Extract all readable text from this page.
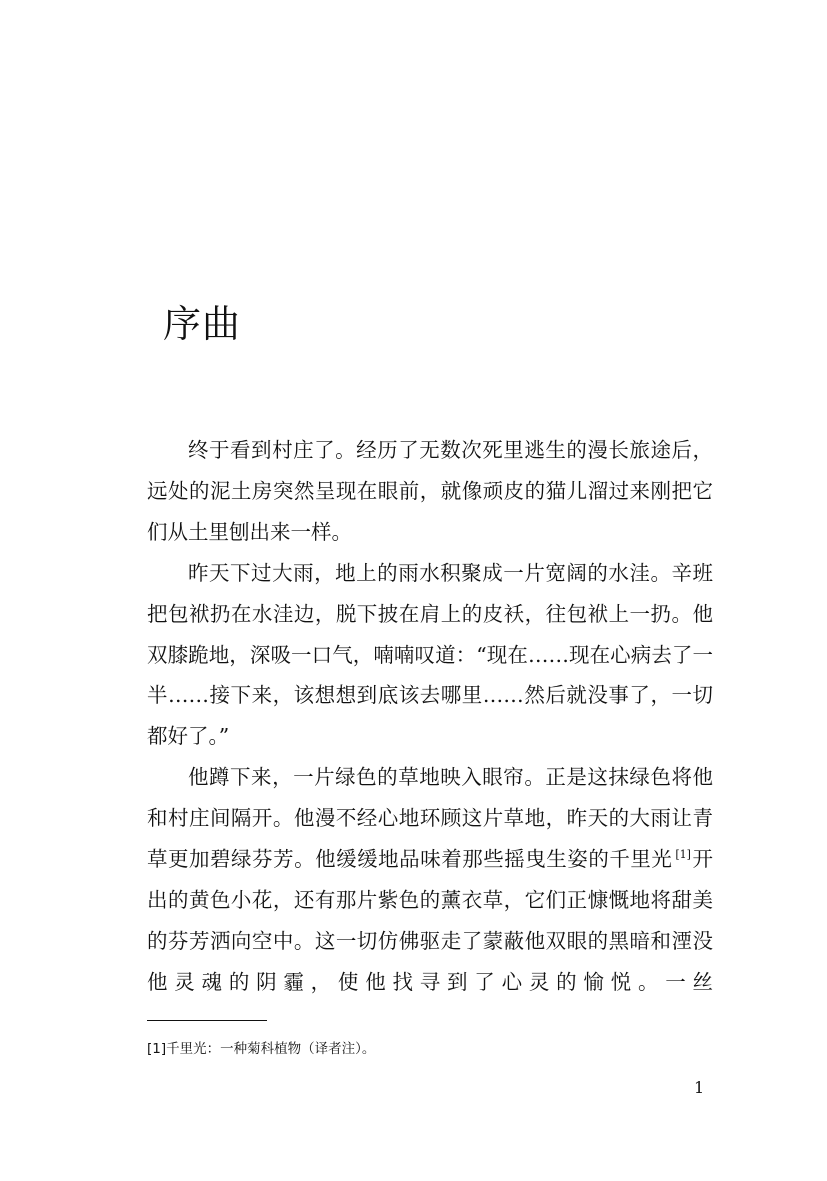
序曲

终于看到村庄了。经历了无数次死里逃生的漫长旅途后，远处的泥土房突然呈现在眼前，就像顽皮的猫儿溜过来刚把它们从土里刨出来一样。

昨天下过大雨，地上的雨水积聚成一片宽阔的水洼。辛班把包袱扔在水洼边，脱下披在肩上的皮袄，往包袱上一扔。他双膝跪地，深吸一口气，喃喃叹道：“现在……现在心病去了一半……接下来，该想想到底该去哪里……然后就没事了，一切都好了。”

他蹲下来，一片绿色的草地映入眼帘。正是这抹绿色将他和村庄间隔开。他漫不经心地环顾这片草地，昨天的大雨让青草更加碧绿芬芳。他缓缓地品味着那些摇曳生姿的千里光 [1]开出的黄色小花，还有那片紫色的薰衣草，它们正慷慨地将甜美的芬芳洒向空中。这一切仿佛驱走了蒙蔽他双眼的黑暗和湮没他灵魂的阴霾，使他找寻到了心灵的愉悦。一丝

[1]千里光：一种菊科植物（译者注）。

1
